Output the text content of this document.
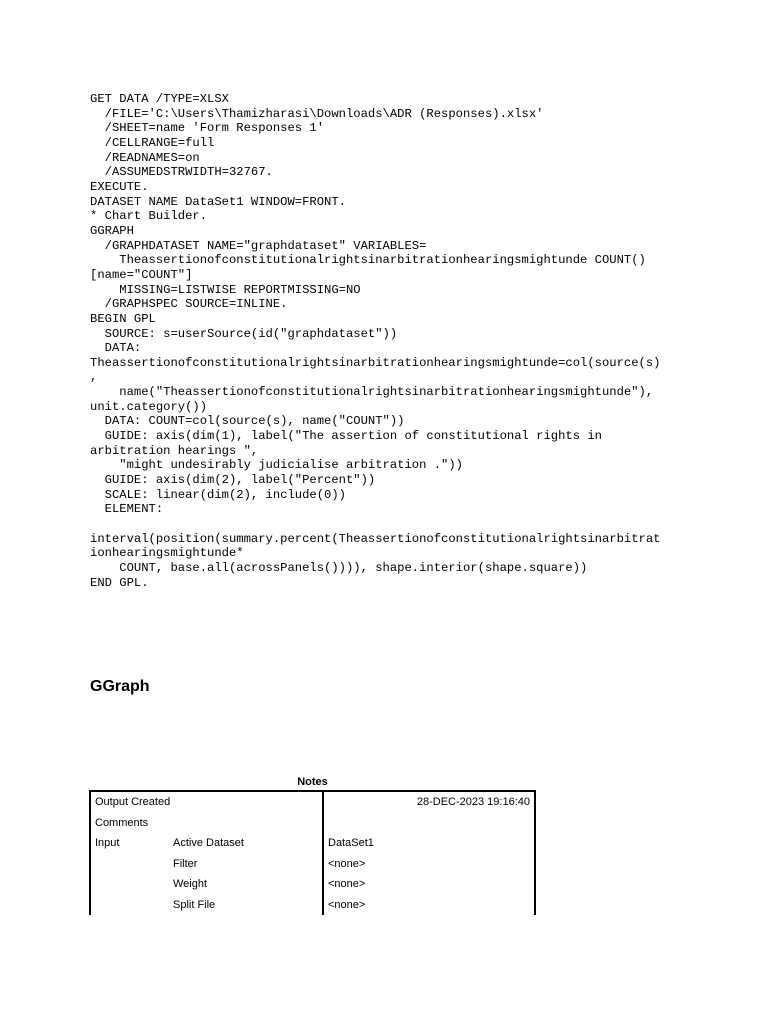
GET DATA /TYPE=XLSX
/FILE='C:\Users\Thamizharasi\Downloads\ADR (Responses).xlsx'
/SHEET=name 'Form Responses 1'
/CELLRANGE=full
/READNAMES=on
/ASSUMEDSTRWIDTH=32767.
EXECUTE.
DATASET NAME DataSet1 WINDOW=FRONT.
* Chart Builder.
GGRAPH
/GRAPHDATASET NAME="graphdataset" VARIABLES=
Theassertionofconstitutionalrightsinarbitrationhearingsmightunde COUNT()
[name="COUNT"]
MISSING=LISTWISE REPORTMISSING=NO
/GRAPHSPEC SOURCE=INLINE.
BEGIN GPL
SOURCE: s=userSource(id("graphdataset"))
DATA:
Theassertionofconstitutionalrightsinarbitrationhearingsmightunde=col(source(s)
,
name("Theassertionofconstitutionalrightsinarbitrationhearingsmightunde"),
unit.category())
DATA: COUNT=col(source(s), name("COUNT"))
GUIDE: axis(dim(1), label("The assertion of constitutional rights in
arbitration hearings ",
"might undesirably judicialise arbitration ."))
GUIDE: axis(dim(2), label("Percent"))
SCALE: linear(dim(2), include(0))
ELEMENT:

interval(position(summary.percent(Theassertionofconstitutionalrightsinarbitrat
ionhearingsmightunde*
COUNT, base.all(acrossPanels()))), shape.interior(shape.square))
END GPL.

GGraph
Notes
Output Created		28-DEC-2023 19:16:40
Comments		
Input	Active Dataset	DataSet1
	Filter	<none>
	Weight	<none>
	Split File	<none>
